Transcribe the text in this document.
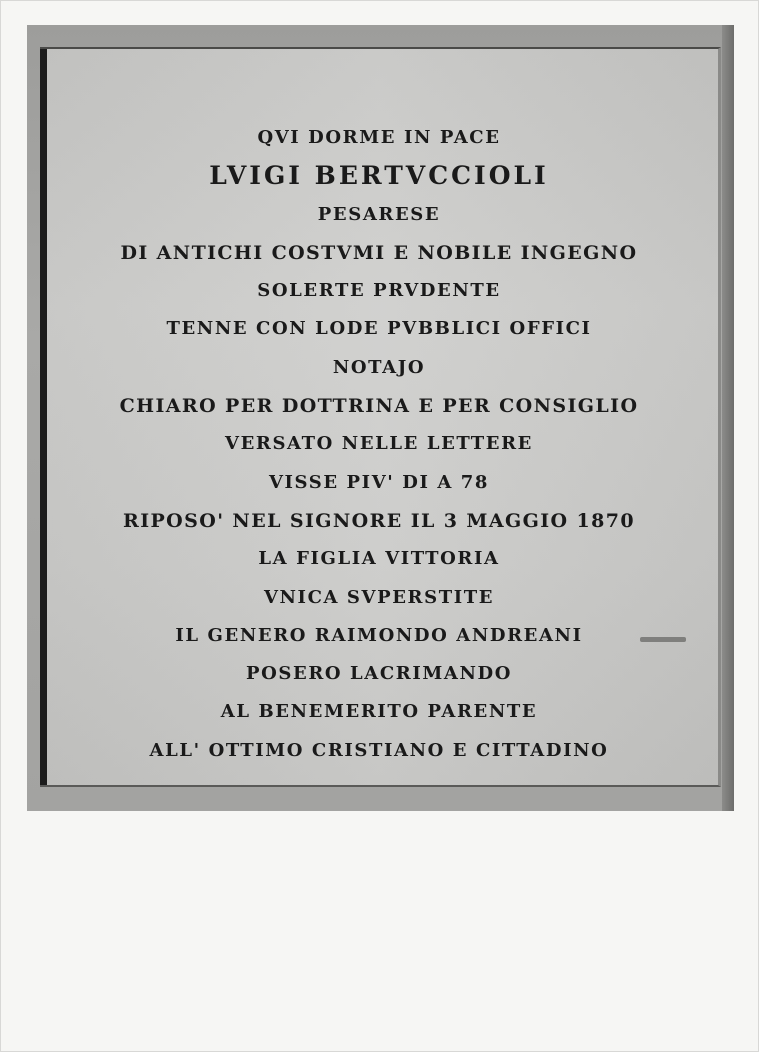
QVI DORME IN PACE
LVIGI BERTVCCIOLI
PESARESE
DI ANTICHI COSTVMI E NOBILE INGEGNO
SOLERTE PRVDENTE
TENNE CON LODE PVBBLICI OFFICI
NOTAJO
CHIARO PER DOTTRINA E PER CONSIGLIO
VERSATO NELLE LETTERE
VISSE PIV' DI A 78
RIPOSO' NEL SIGNORE IL 3 MAGGIO 1870
LA FIGLIA VITTORIA
VNICA SVPERSTITE
IL GENERO RAIMONDO ANDREANI
POSERO LACRIMANDO
AL BENEMERITO PARENTE
ALL' OTTIMO CRISTIANO E CITTADINO
